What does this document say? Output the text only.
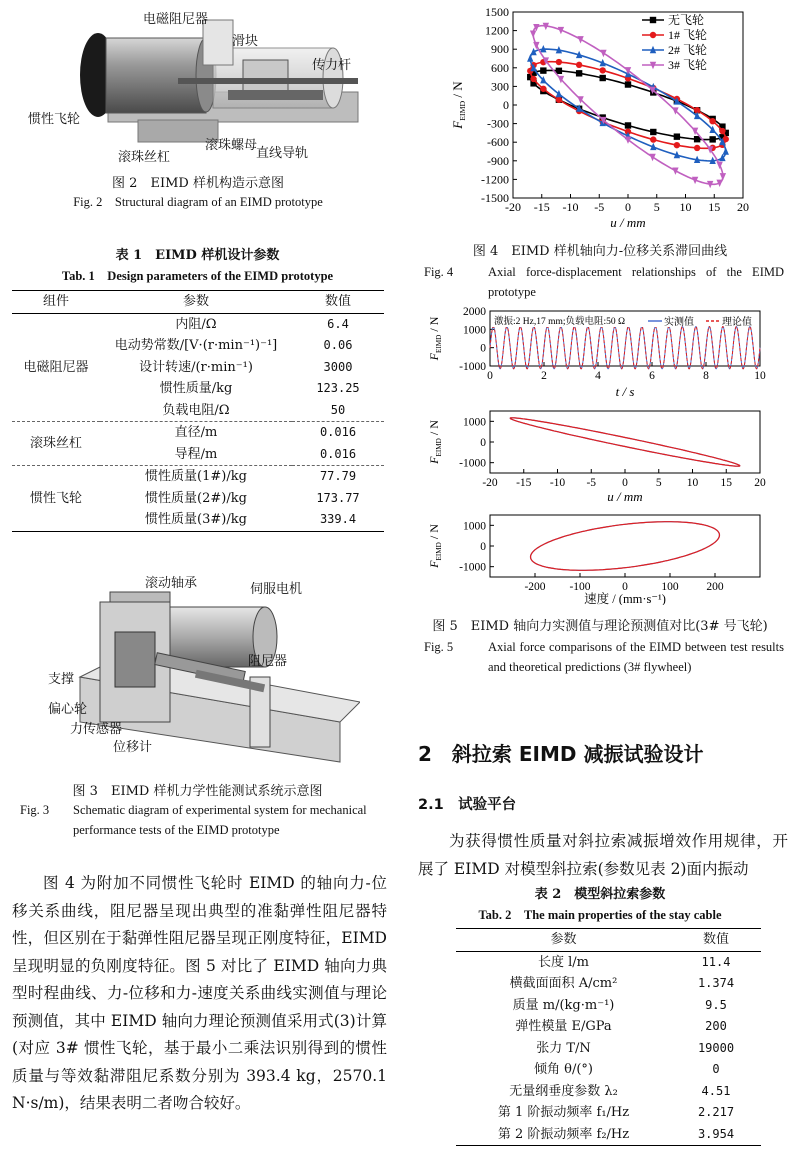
电磁阻尼器
滑块
传力杆
惯性飞轮
滚珠丝杠
滚珠螺母
直线导轨
图 2　EIMD 样机构造示意图
Fig. 2　Structural diagram of an EIMD prototype
表 1　EIMD 样机设计参数
Tab. 1　Design parameters of the EIMD prototype
组件	参数	数值
电磁阻尼器	内阻/Ω	6.4
	电动势常数/[V·(r·min⁻¹)⁻¹]	0.06
	设计转速/(r·min⁻¹)	3000
	惯性质量/kg	123.25
	负载电阻/Ω	50
滚珠丝杠	直径/m	0.016
	导程/m	0.016
惯性飞轮	惯性质量(1#)/kg	77.79
	惯性质量(2#)/kg	173.77
	惯性质量(3#)/kg	339.4
滚动轴承	伺服电机
阻尼器
支撑
偏心轮
力传感器
位移计
图 3　EIMD 样机力学性能测试系统示意图
Fig. 3	Schematic diagram of experimental system for mechanical performance tests of the EIMD prototype
图 4 为附加不同惯性飞轮时 EIMD 的轴向力-位移关系曲线，阻尼器呈现出典型的准黏弹性阻尼器特性，但区别在于黏弹性阻尼器呈现正刚度特征，EIMD 呈现明显的负刚度特征。图 5 对比了 EIMD 轴向力典型时程曲线、力-位移和力-速度关系曲线实测值与理论预测值，其中 EIMD 轴向力理论预测值采用式(3)计算(对应 3# 惯性飞轮，基于最小二乘法识别得到的惯性质量与等效黏滞阻尼系数分别为 393.4 kg，2570.1 N·s/m)，结果表明二者吻合较好。
-20 -15 -10 -5 0 5 10 15 20
1500
1200
900
600
300
0
-300
-600
-900
-1200
-1500
无飞轮
1# 飞轮
2# 飞轮
3# 飞轮
u / mm
$F_{EIMD}$ / N
图 4　EIMD 样机轴向力-位移关系滞回曲线
Fig. 4	Axial force-displacement relationships of the EIMD prototype
0	2	4	6	8	10
2000
1000
0
-1000
激振:2 Hz,17 mm;负载电阻:50 Ω	实测值	理论值
t / s
$F_{EIMD}$ / N
-20 -15 -10 -5 0 5 10 15 20
1000
0
-1000
u / mm
$F_{EIMD}$ / N
-200 -100	0	100 200
1000
0
-1000
速度 / (mm·s⁻¹)
$F_{EIMD}$ / N
图 5　EIMD 轴向力实测值与理论预测值对比(3# 号飞轮)
Fig. 5	Axial force comparisons of the EIMD between test results and theoretical predictions (3# flywheel)
2　斜拉索 EIMD 减振试验设计
2.1　试验平台
为获得惯性质量对斜拉索减振增效作用规律，开展了 EIMD 对模型斜拉索(参数见表 2)面内振动
表 2　模型斜拉索参数
Tab. 2　The main properties of the stay cable
参数	数值
长度 l/m	11.4
横截面面积 A/cm²	1.374
质量 m/(kg·m⁻¹)	9.5
弹性模量 E/GPa	200
张力 T/N	19000
倾角 θ/(°)	0
无量纲垂度参数 λ₂	4.51
第 1 阶振动频率 f₁/Hz	2.217
第 2 阶振动频率 f₂/Hz	3.954
